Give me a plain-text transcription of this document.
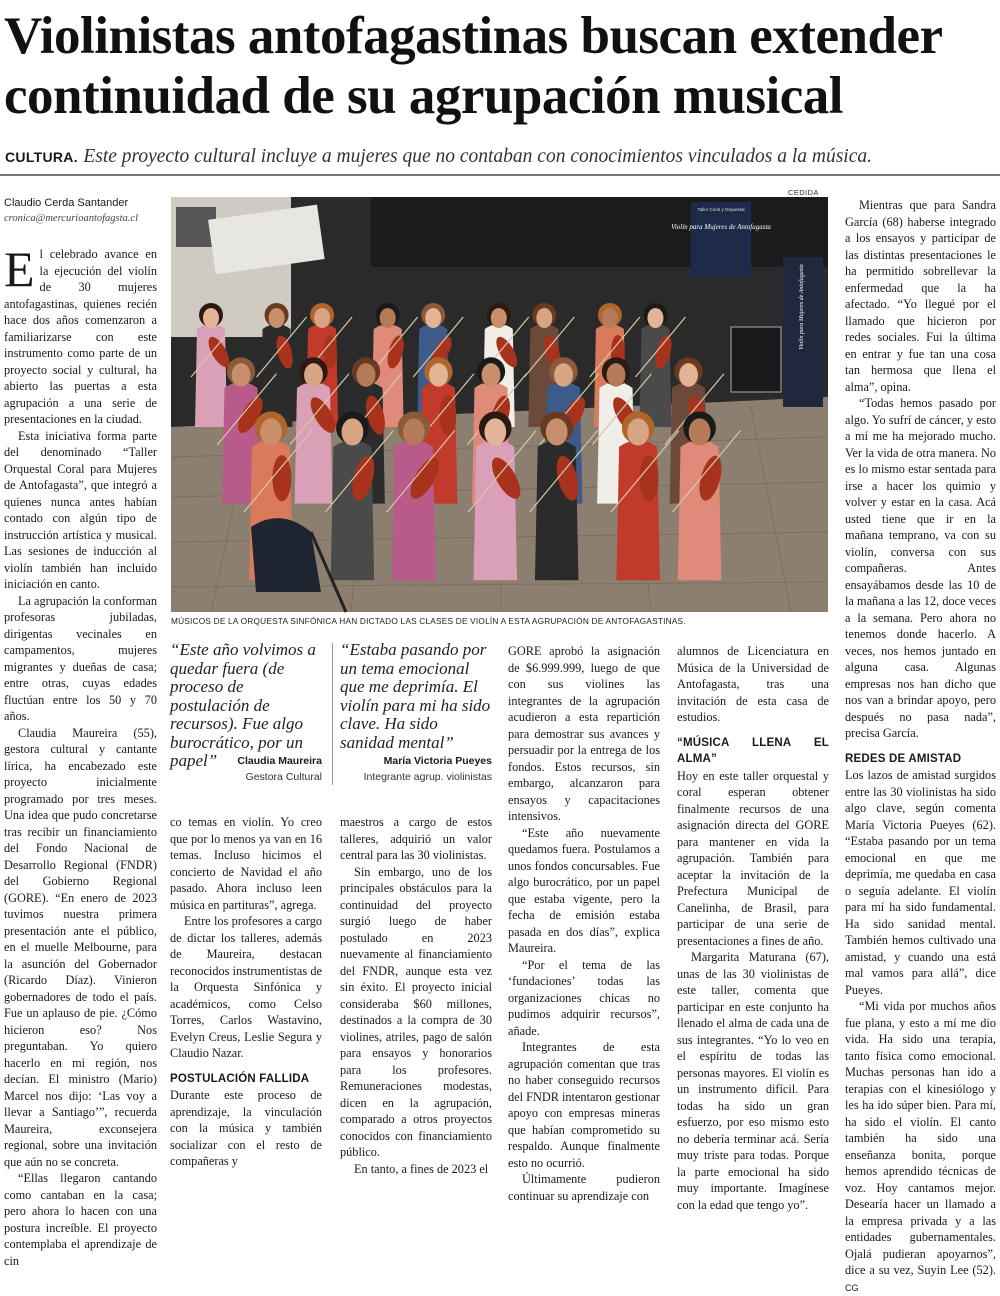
Violinistas antofagastinas buscan extender continuidad de su agrupación musical
CULTURA. Este proyecto cultural incluye a mujeres que no contaban con conocimientos vinculados a la música.
Claudio Cerda Santander
cronica@mercurioantofagsta.cl
CEDIDA

El celebrado avance en la ejecución del violín de 30 mujeres antofagastinas, quienes recién hace dos años comenzaron a familiarizarse con este instrumento como parte de un proyecto social y cultural, ha abierto las puertas a esta agrupación a una serie de presentaciones en la ciudad.

Esta iniciativa forma parte del denominado “Taller Orquestal Coral para Mujeres de Antofagasta”, que integró a quienes nunca antes habían contado con algún tipo de instrucción artística y musical. Las sesiones de inducción al violín también han incluido iniciación en canto.

La agrupación la conforman profesoras jubiladas, dirigentas vecinales en campamentos, mujeres migrantes y dueñas de casa; entre otras, cuyas edades fluctúan entre los 50 y 70 años.

Claudia Maureira (55), gestora cultural y cantante lírica, ha encabezado este proyecto inicialmente programado por tres meses. Una idea que pudo concretarse tras recibir un financiamiento del Fondo Nacional de Desarrollo Regional (FNDR) del Gobierno Regional (GORE). “En enero de 2023 tuvimos nuestra primera presentación ante el público, en el muelle Melbourne, para la asunción del Gobernador (Ricardo Díaz). Vinieron gobernadores de todo el país. Fue un aplauso de pie. ¿Cómo hicieron eso? Nos preguntaban. Yo quiero hacerlo en mi región, nos decían. El ministro (Mario) Marcel nos dijo: ‘Las voy a llevar a Santiago’”, recuerda Maureira, exconsejera regional, sobre una invitación que aún no se concreta.

“Ellas llegaron cantando como cantaban en la casa; pero ahora lo hacen con una postura increíble. El proyecto contemplaba el aprendizaje de cin

Taller Coral y Orquestal
Violín para Mujeres de Antofagasta
Violín para Mujeres de Antofagasta
MÚSICOS DE LA ORQUESTA SINFÓNICA HAN DICTADO LAS CLASES DE VIOLÍN A ESTA AGRUPACIÓN DE ANTOFAGASTINAS.
“Este año volvimos a quedar fuera (de proceso de postulación de recursos). Fue algo burocrático, por un papel”	Claudia Maureira
Gestora Cultural
“Estaba pasando por un tema emocional que me deprimía. El violín para mi ha sido clave. Ha sido sanidad mental”
María Victoria Pueyes
Integrante agrup. violinistas

co temas en violín. Yo creo que por lo menos ya van en 16 temas. Incluso hicimos el concierto de Navidad el año pasado. Ahora incluso leen música en partituras”, agrega.

Entre los profesores a cargo de dictar los talleres, además de Maureira, destacan reconocidos instrumentistas de la Orquesta Sinfónica y académicos, como Celso Torres, Carlos Wastavino, Evelyn Creus, Leslie Segura y Claudio Nazar.

POSTULACIÓN FALLIDA

Durante este proceso de aprendizaje, la vinculación con la música y también socializar con el resto de compañeras y

maestros a cargo de estos talleres, adquirió un valor central para las 30 violinistas.

Sin embargo, uno de los principales obstáculos para la continuidad del proyecto surgió luego de haber postulado en 2023 nuevamente al financiamiento del FNDR, aunque esta vez sin éxito. El proyecto inicial consideraba $60 millones, destinados a la compra de 30 violines, atriles, pago de salón para ensayos y honorarios para los profesores. Remuneraciones modestas, dicen en la agrupación, comparado a otros proyectos conocidos con financiamiento público.

En tanto, a fines de 2023 el

GORE aprobó la asignación de $6.999.999, luego de que con sus violines las integrantes de la agrupación acudieron a esta repartición para demostrar sus avances y persuadir por la entrega de los fondos. Estos recursos, sin embargo, alcanzaron para ensayos y capacitaciones intensivos.

“Este año nuevamente quedamos fuera. Postulamos a unos fondos concursables. Fue algo burocrático, por un papel que estaba vigente, pero la fecha de emisión estaba pasada en dos días”, explica Maureira.

“Por el tema de las ‘fundaciones’ todas las organizaciones chicas no pudimos adquirir recursos”, añade.

Integrantes de esta agrupación comentan que tras no haber conseguido recursos del FNDR intentaron gestionar apoyo con empresas mineras que habían comprometido su respaldo. Aunque finalmente esto no ocurrió.

Últimamente pudieron continuar su aprendizaje con

alumnos de Licenciatura en Música de la Universidad de Antofagasta, tras una invitación de esta casa de estudios.

“MÚSICA LLENA EL ALMA”

Hoy en este taller orquestal y coral esperan obtener finalmente recursos de una asignación directa del GORE para mantener en vida la agrupación. También para aceptar la invitación de la Prefectura Municipal de Canelinha, de Brasil, para participar de una serie de presentaciones a fines de año.

Margarita Maturana (67), unas de las 30 violinistas de este taller, comenta que participar en este conjunto ha llenado el alma de cada una de sus integrantes. “Yo lo veo en el espíritu de todas las personas mayores. El violín es un instrumento difícil. Para todas ha sido un gran esfuerzo, por eso mismo esto no debería terminar acá. Sería muy triste para todas. Porque la parte emocional ha sido muy importante. Imagínese con la edad que tengo yo”.

Mientras que para Sandra García (68) haberse integrado a los ensayos y participar de las distintas presentaciones le ha permitido sobrellevar la enfermedad que la ha afectado. “Yo llegué por el llamado que hicieron por redes sociales. Fui la última en entrar y fue tan una cosa tan hermosa que llena el alma”, opina.

“Todas hemos pasado por algo. Yo sufrí de cáncer, y esto a mí me ha mejorado mucho. Ver la vida de otra manera. No es lo mismo estar sentada para irse a hacer los quimio y volver y estar en la casa. Acá usted tiene que ir en la mañana temprano, va con su violín, conversa con sus compañeras. Antes ensayábamos desde las 10 de la mañana a las 12, doce veces a la semana. Pero ahora no tenemos donde hacerlo. A veces, nos hemos juntado en alguna casa. Algunas empresas nos han dicho que nos van a brindar apoyo, pero después no pasa nada”, precisa García.

REDES DE AMISTAD

Los lazos de amistad surgidos entre las 30 violinistas ha sido algo clave, según comenta María Victoria Pueyes (62). “Estaba pasando por un tema emocional en que me deprimía, me quedaba en casa o seguía adelante. El violín para mí ha sido fundamental. Ha sido sanidad mental. También hemos cultivado una amistad, y cuando una está mal vamos para allá”, dice Pueyes.

“Mi vida por muchos años fue plana, y esto a mí me dio vida. Ha sido una terapia, tanto física como emocional. Muchas personas han ido a terapias con el kinesiólogo y les ha ido súper bien. Para mí, ha sido el violín. El canto también ha sido una enseñanza bonita, porque hemos aprendido técnicas de voz. Hoy cantamos mejor. Desearía hacer un llamado a la empresa privada y a las entidades gubernamentales. Ojalá pudieran apoyarnos”, dice a su vez, Suyin Lee (52). CG
